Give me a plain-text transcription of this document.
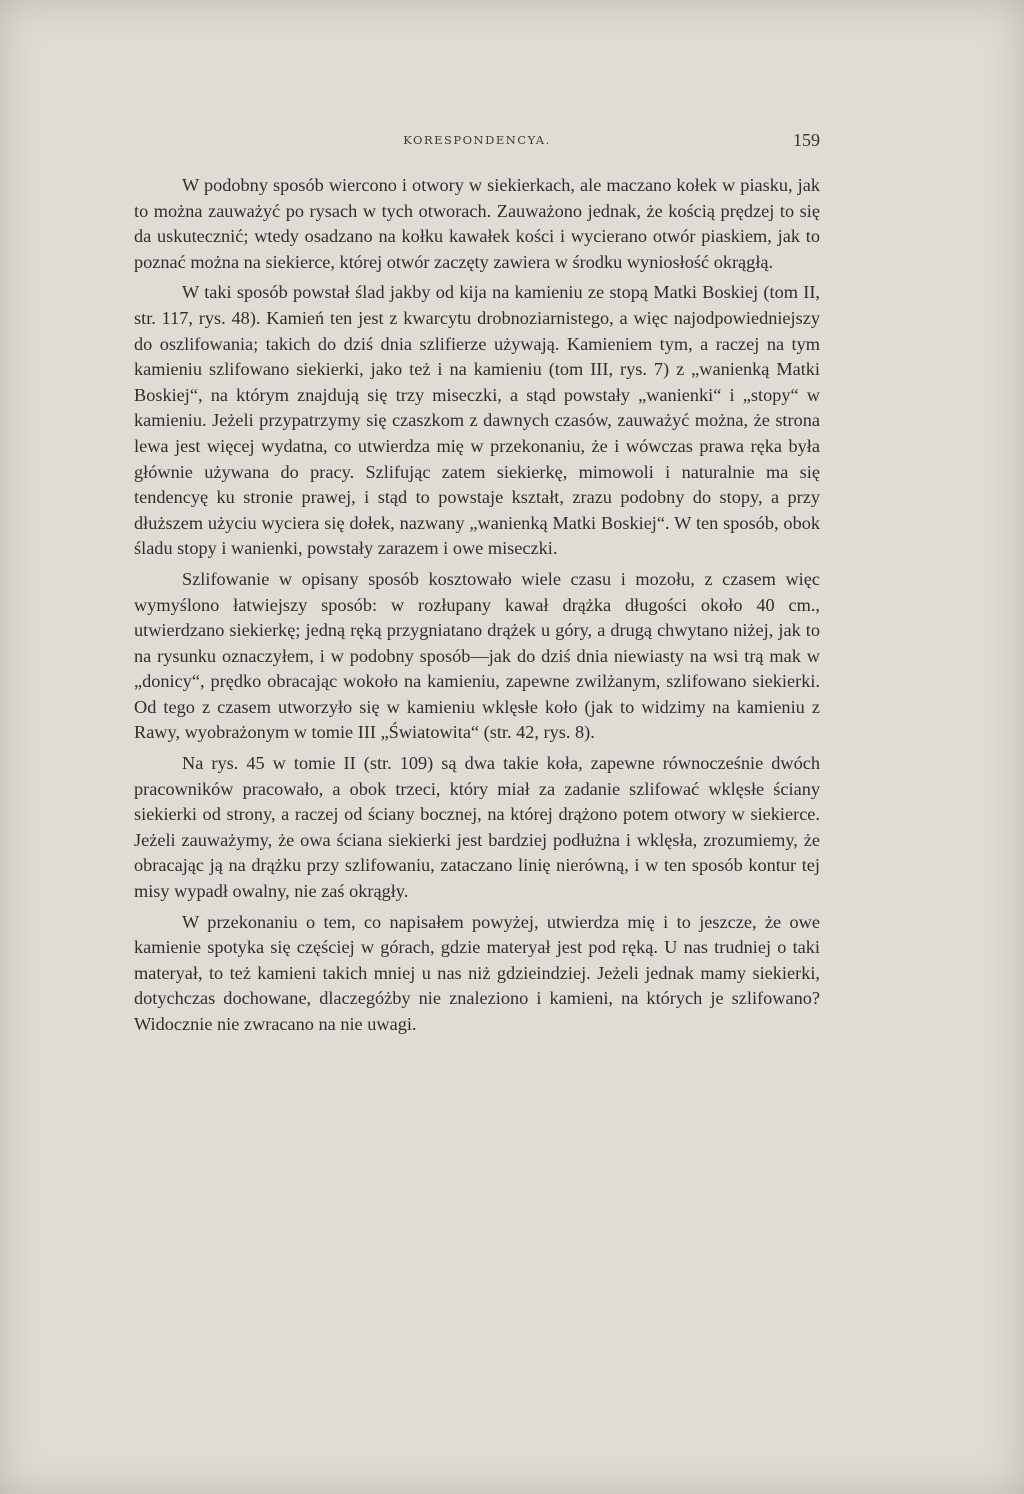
KORESPONDENCYA.	159

W podobny sposób wiercono i otwory w siekierkach, ale maczano kołek w piasku, jak to można zauważyć po rysach w tych otworach. Zauważono jednak, że kością prędzej to się da uskutecznić; wtedy osadzano na kołku kawałek kości i wycierano otwór piaskiem, jak to poznać można na siekierce, której otwór zaczęty zawiera w środku wyniosłość okrągłą.

W taki sposób powstał ślad jakby od kija na kamieniu ze stopą Matki Boskiej (tom II, str. 117, rys. 48). Kamień ten jest z kwarcytu drobnoziarnistego, a więc najodpowiedniejszy do oszlifowania; takich do dziś dnia szlifierze używają. Kamieniem tym, a raczej na tym kamieniu szlifowano siekierki, jako też i na kamieniu (tom III, rys. 7) z „wanienką Matki Boskiej“, na którym znajdują się trzy miseczki, a stąd powstały „wanienki“ i „stopy“ w kamieniu. Jeżeli przypatrzymy się czaszkom z dawnych czasów, zauważyć można, że strona lewa jest więcej wydatna, co utwierdza mię w przekonaniu, że i wówczas prawa ręka była głównie używana do pracy. Szlifując zatem siekierkę, mimowoli i naturalnie ma się tendencyę ku stronie prawej, i stąd to powstaje kształt, zrazu podobny do stopy, a przy dłuższem użyciu wyciera się dołek, nazwany „wanienką Matki Boskiej“. W ten sposób, obok śladu stopy i wanienki, powstały zarazem i owe miseczki.

Szlifowanie w opisany sposób kosztowało wiele czasu i mozołu, z czasem więc wymyślono łatwiejszy sposób: w rozłupany kawał drążka długości około 40 cm., utwierdzano siekierkę; jedną ręką przygniatano drążek u góry, a drugą chwytano niżej, jak to na rysunku oznaczyłem, i w podobny sposób—jak do dziś dnia niewiasty na wsi trą mak w „donicy“, prędko obracając wokoło na kamieniu, zapewne zwilżanym, szlifowano siekierki. Od tego z czasem utworzyło się w kamieniu wklęsłe koło (jak to widzimy na kamieniu z Rawy, wyobrażonym w tomie III „Światowita“ (str. 42, rys. 8).

Na rys. 45 w tomie II (str. 109) są dwa takie koła, zapewne równocześnie dwóch pracowników pracowało, a obok trzeci, który miał za zadanie szlifować wklęsłe ściany siekierki od strony, a raczej od ściany bocznej, na której drążono potem otwory w siekierce. Jeżeli zauważymy, że owa ściana siekierki jest bardziej podłużna i wklęsła, zrozumiemy, że obracając ją na drążku przy szlifowaniu, zataczano linię nierówną, i w ten sposób kontur tej misy wypadł owalny, nie zaś okrągły.

W przekonaniu o tem, co napisałem powyżej, utwierdza mię i to jeszcze, że owe kamienie spotyka się częściej w górach, gdzie materyał jest pod ręką. U nas trudniej o taki materyał, to też kamieni takich mniej u nas niż gdzieindziej. Jeżeli jednak mamy siekierki, dotychczas dochowane, dlaczegóżby nie znaleziono i kamieni, na których je szlifowano? Widocznie nie zwracano na nie uwagi.
